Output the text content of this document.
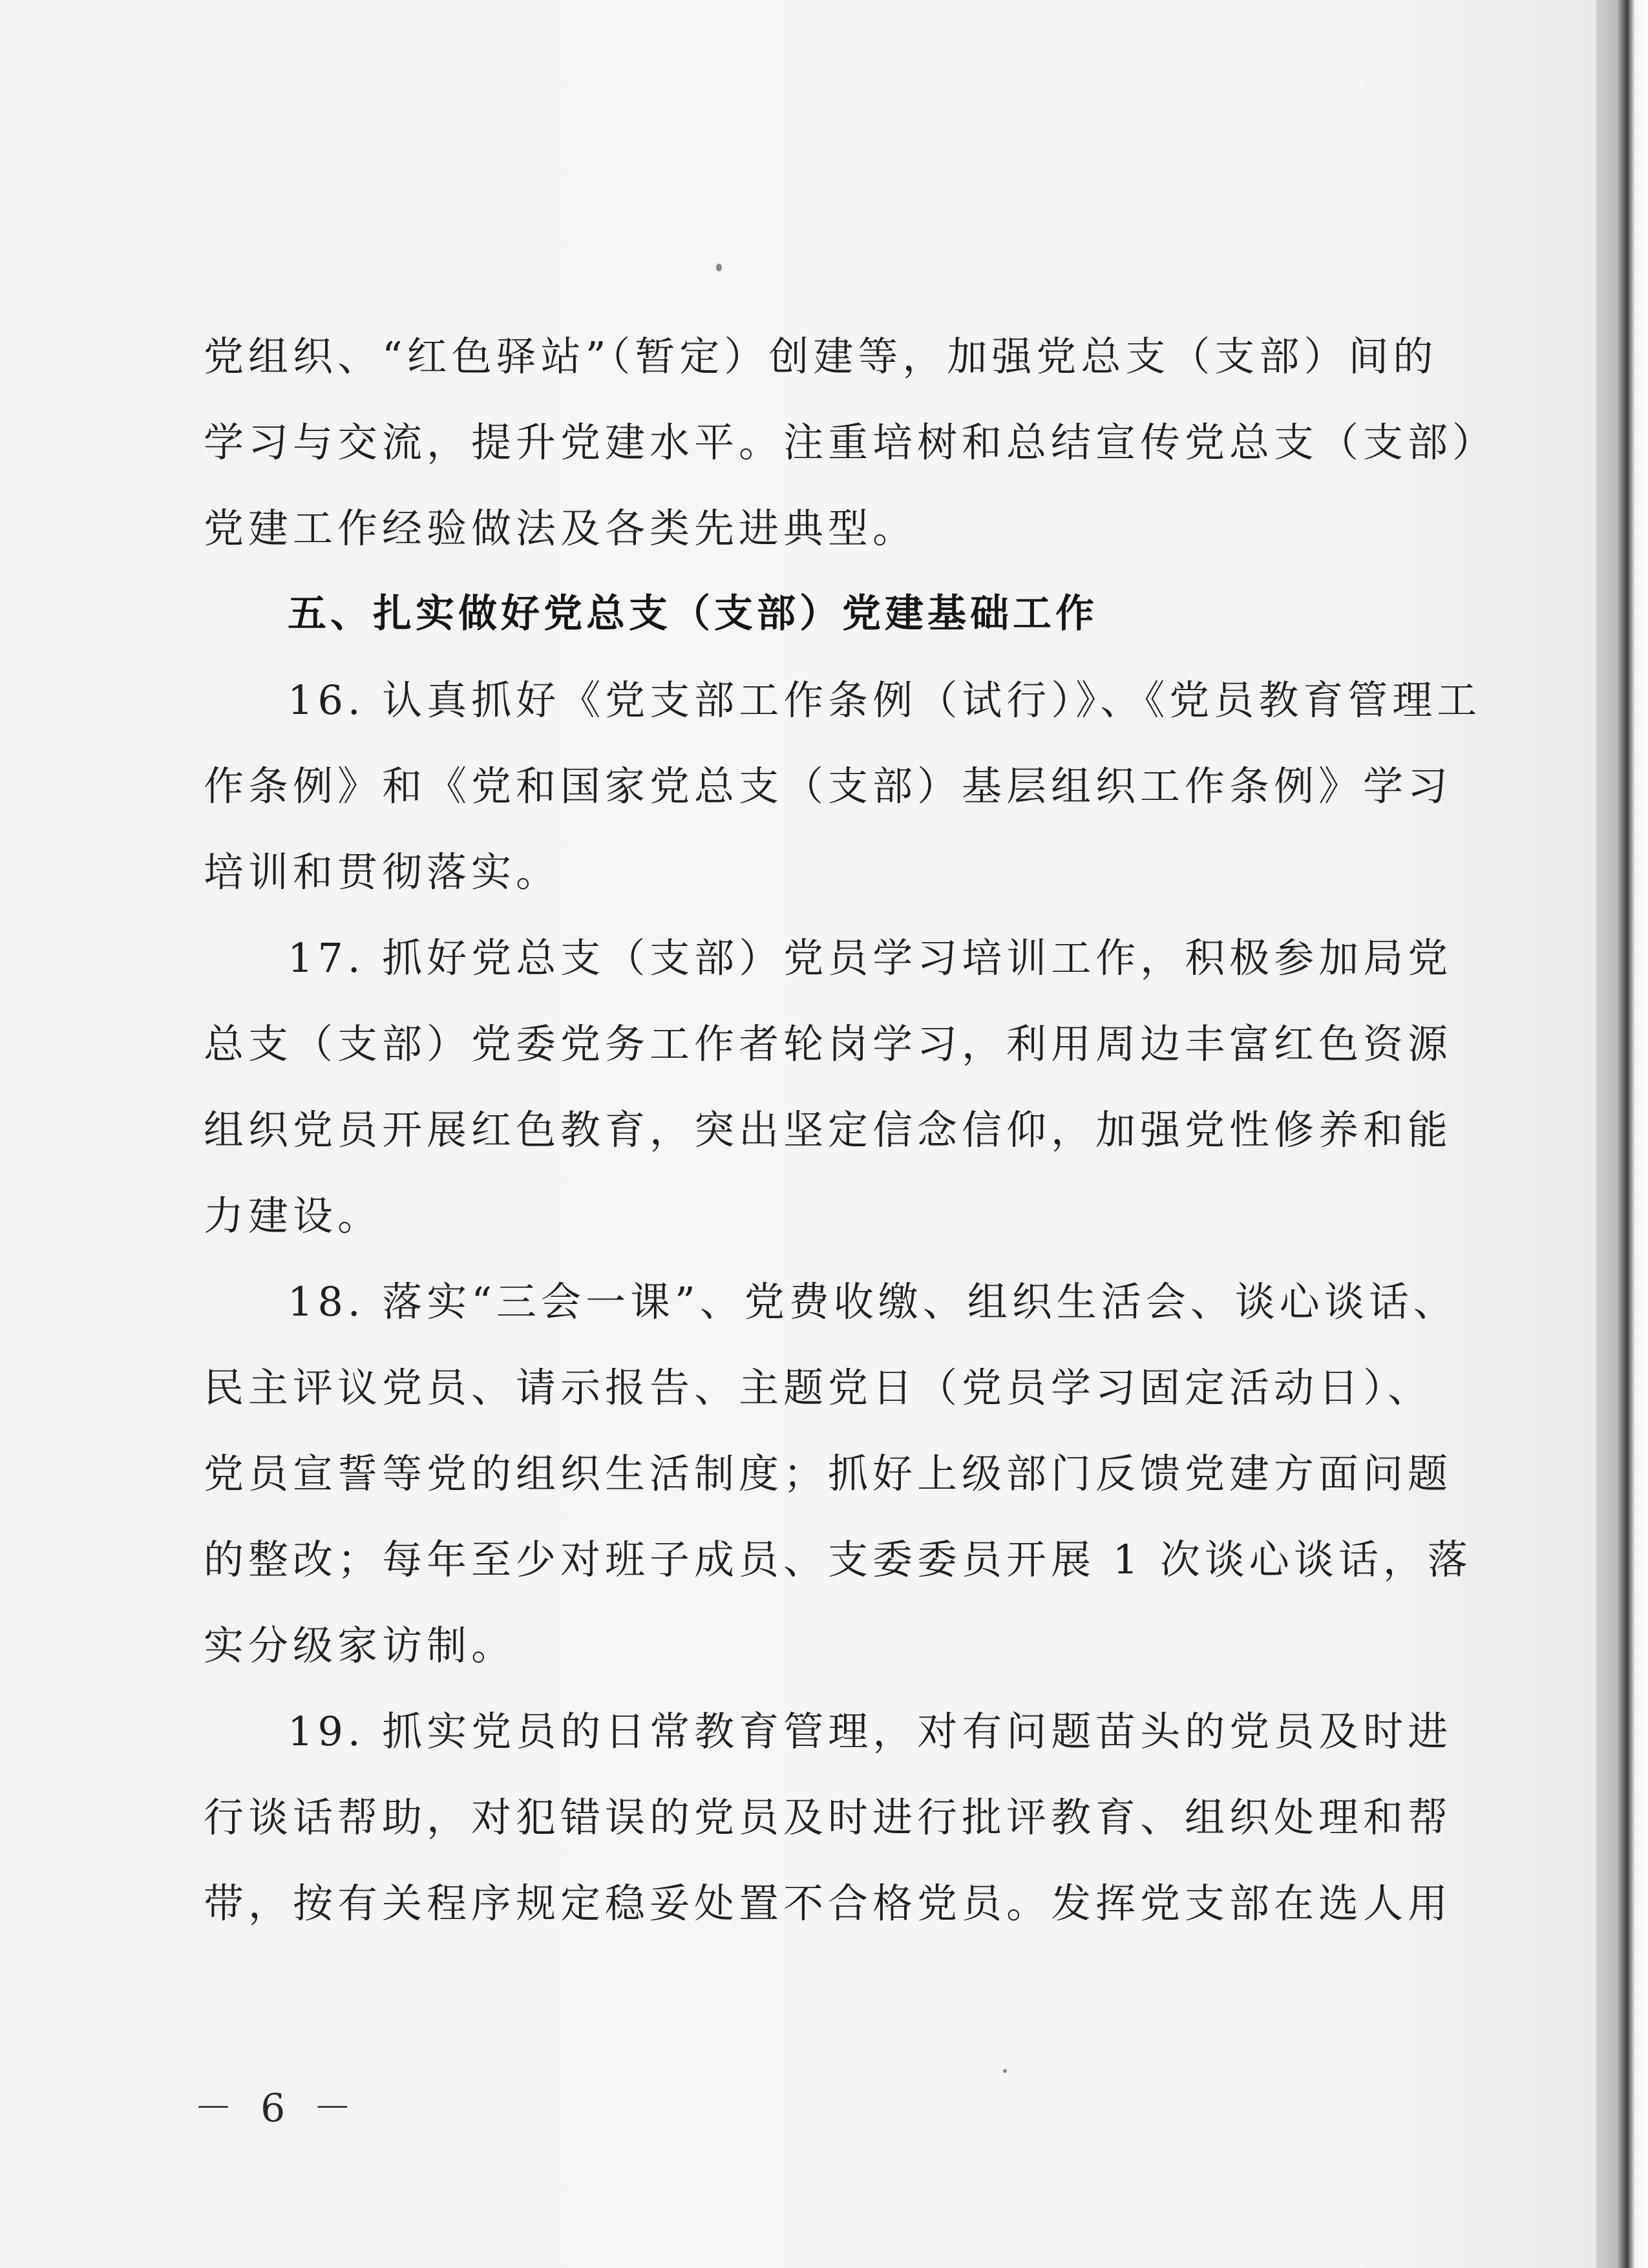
党组织、“红色驿站”（暂定）创建等，加强党总支（支部）间的
学习与交流，提升党建水平。注重培树和总结宣传党总支（支部）
党建工作经验做法及各类先进典型。
五、扎实做好党总支（支部）党建基础工作
16. 认真抓好《党支部工作条例（试行）》、《党员教育管理工
作条例》和《党和国家党总支（支部）基层组织工作条例》学习
培训和贯彻落实。
17. 抓好党总支（支部）党员学习培训工作，积极参加局党
总支（支部）党委党务工作者轮岗学习，利用周边丰富红色资源
组织党员开展红色教育，突出坚定信念信仰，加强党性修养和能
力建设。
18. 落实“三会一课”、党费收缴、组织生活会、谈心谈话、
民主评议党员、请示报告、主题党日（党员学习固定活动日）、
党员宣誓等党的组织生活制度；抓好上级部门反馈党建方面问题
的整改；每年至少对班子成员、支委委员开展 1 次谈心谈话，落
实分级家访制。
19. 抓实党员的日常教育管理，对有问题苗头的党员及时进
行谈话帮助，对犯错误的党员及时进行批评教育、组织处理和帮
带，按有关程序规定稳妥处置不合格党员。发挥党支部在选人用
－ 6 －
